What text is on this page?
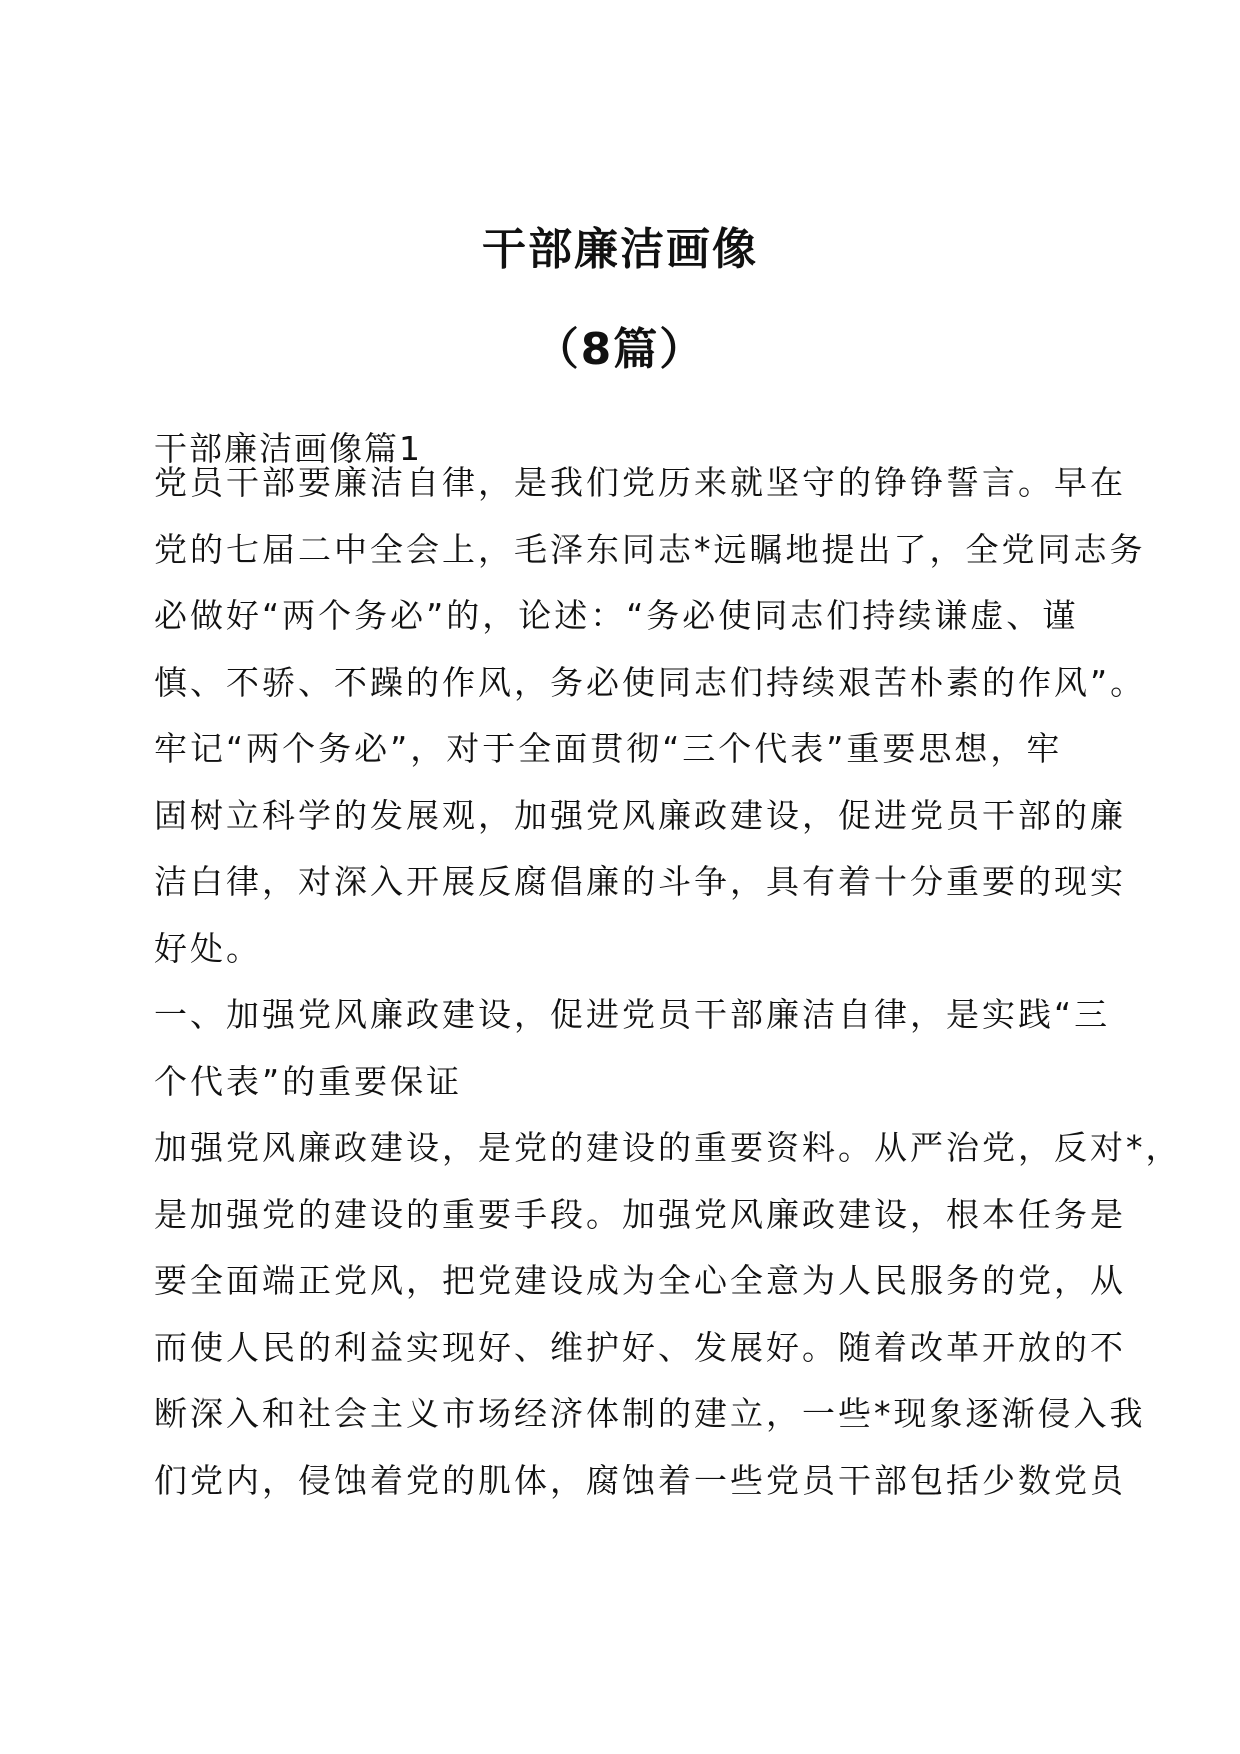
干部廉洁画像
（8篇）
干部廉洁画像篇1
党员干部要廉洁自律，是我们党历来就坚守的铮铮誓言。早在
党的七届二中全会上，毛泽东同志*远瞩地提出了，全党同志务
必做好“两个务必”的，论述：“务必使同志们持续谦虚、谨
慎、不骄、不躁的作风，务必使同志们持续艰苦朴素的作风”。
牢记“两个务必”，对于全面贯彻“三个代表”重要思想，牢
固树立科学的发展观，加强党风廉政建设，促进党员干部的廉
洁白律，对深入开展反腐倡廉的斗争，具有着十分重要的现实
好处。
一、加强党风廉政建设，促进党员干部廉洁自律，是实践“三
个代表”的重要保证
加强党风廉政建设，是党的建设的重要资料。从严治党，反对*，
是加强党的建设的重要手段。加强党风廉政建设，根本任务是
要全面端正党风，把党建设成为全心全意为人民服务的党，从
而使人民的利益实现好、维护好、发展好。随着改革开放的不
断深入和社会主义市场经济体制的建立，一些*现象逐渐侵入我
们党内，侵蚀着党的肌体，腐蚀着一些党员干部包括少数党员
